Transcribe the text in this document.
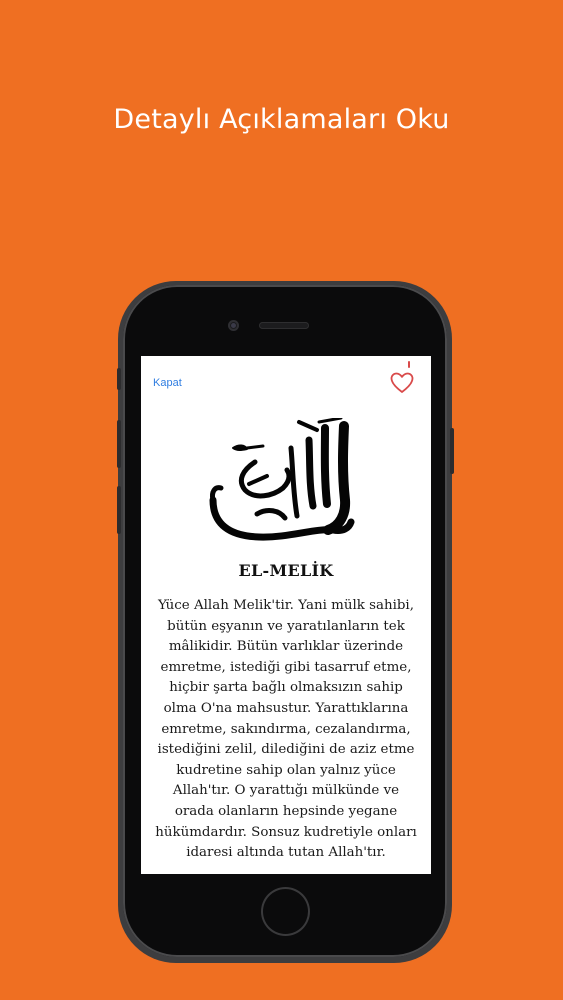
Detaylı Açıklamaları Oku
Kapat
EL-MELİK
Yüce Allah Melik'tir. Yani mülk sahibi, bütün eşyanın ve yaratılanların tek mâlikidir. Bütün varlıklar üzerinde emretme, istediği gibi tasarruf etme, hiçbir şarta bağlı olmaksızın sahip olma O'na mahsustur. Yarattıklarına emretme, sakındırma, cezalandırma, istediğini zelil, dilediğini de aziz etme kudretine sahip olan yalnız yüce Allah'tır. O yarattığı mülkünde ve orada olanların hepsinde yegane hükümdardır. Sonsuz kudretiyle onları idaresi altında tutan Allah'tır.
